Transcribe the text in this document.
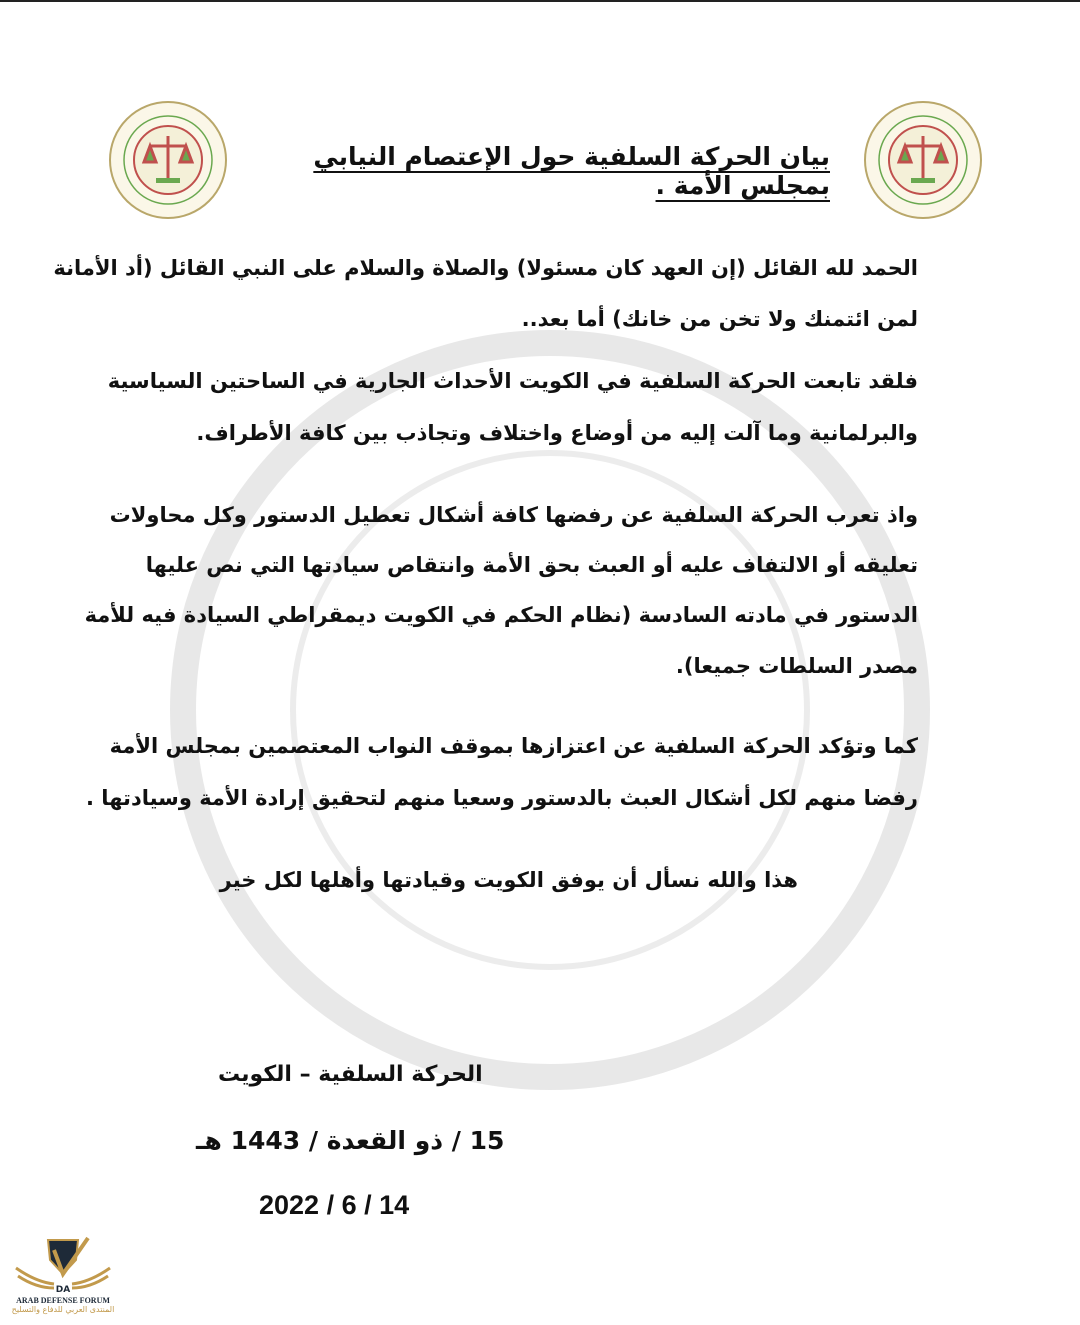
بيان الحركة السلفية حول الإعتصام النيابي بمجلس الأمة .
الحمد لله القائل (إن العهد كان مسئولا) والصلاة والسلام على النبي القائل (أد الأمانة
لمن ائتمنك ولا تخن من خانك) أما بعد..
فلقد تابعت الحركة السلفية في الكويت الأحداث الجارية في الساحتين السياسية
والبرلمانية وما آلت إليه من أوضاع واختلاف وتجاذب بين كافة الأطراف.
واذ تعرب الحركة السلفية عن رفضها كافة أشكال تعطيل الدستور وكل محاولات
تعليقه أو الالتفاف عليه أو العبث بحق الأمة وانتقاص سيادتها التي نص عليها
الدستور في مادته السادسة (نظام الحكم في الكويت ديمقراطي السيادة فيه للأمة
مصدر السلطات جميعا).
كما وتؤكد الحركة السلفية عن اعتزازها بموقف النواب المعتصمين بمجلس الأمة
رفضا منهم لكل أشكال العبث بالدستور وسعيا منهم لتحقيق إرادة الأمة وسيادتها .
هذا والله نسأل أن يوفق الكويت وقيادتها وأهلها لكل خير
الحركة السلفية – الكويت
15 / ذو القعدة / 1443 هـ
2022 / 6 / 14
DA
ARAB DEFENSE FORUM
المنتدى العربي للدفاع والتسليح
